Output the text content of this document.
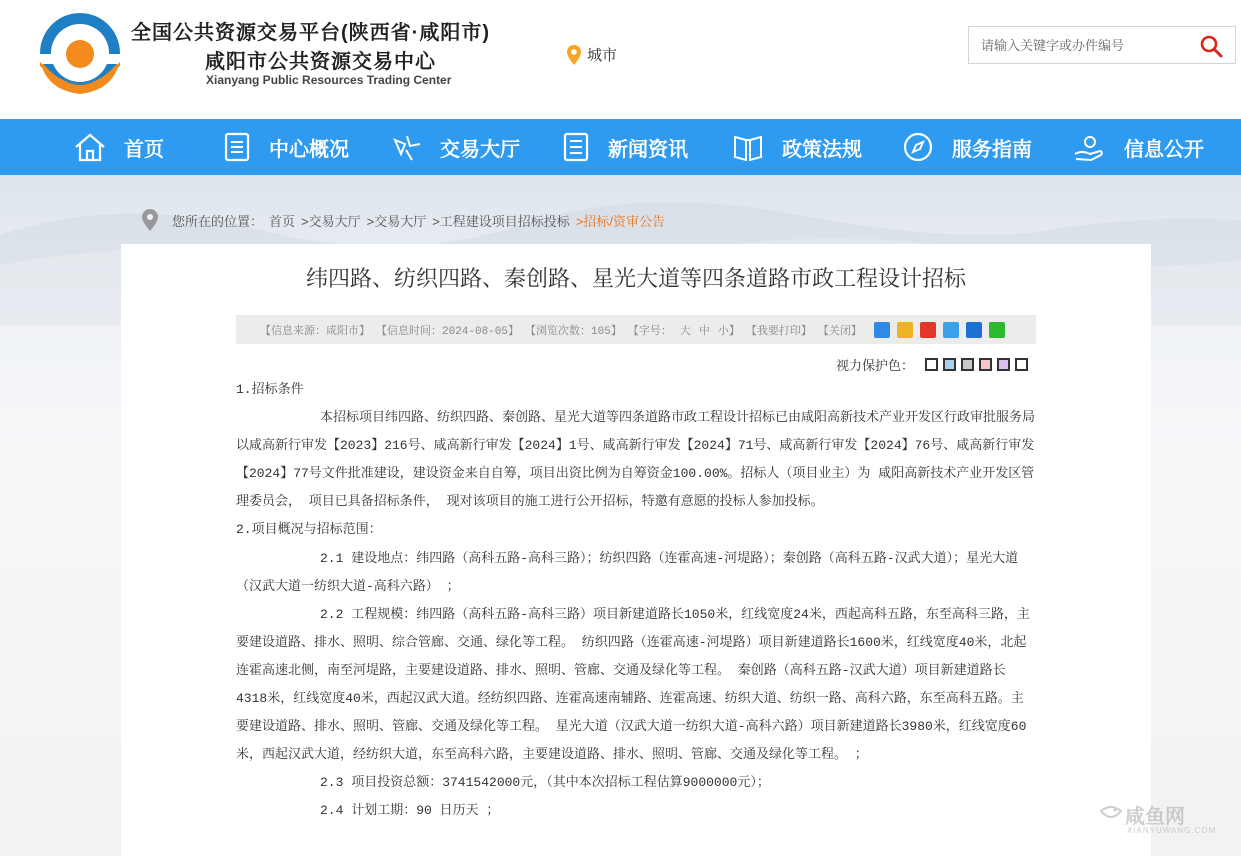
全国公共资源交易平台(陕西省·咸阳市)
咸阳市公共资源交易中心
Xianyang Public Resources Trading Center
城市
请输入关键字或办件编号
首页	中心概况	交易大厅	新闻资讯	政策法规	服务指南	信息公开
您所在的位置： 首页 >交易大厅 >交易大厅 >工程建设项目招标投标 >招标/资审公告
纬四路、纺织四路、秦创路、星光大道等四条道路市政工程设计招标
【信息来源：咸阳市】 【信息时间：2024-08-05】 【浏览次数：105】 【字号： 大 中 小】 【我要打印】 【关闭】
视力保护色：

1.招标条件

本招标项目纬四路、纺织四路、秦创路、星光大道等四条道路市政工程设计招标已由咸阳高新技术产业开发区行政审批服务局以咸高新行审发【2023】216号、咸高新行审发【2024】1号、咸高新行审发【2024】71号、咸高新行审发【2024】76号、咸高新行审发【2024】77号文件批准建设，建设资金来自自筹，项目出资比例为自筹资金100.00%。招标人（项目业主）为 咸阳高新技术产业开发区管理委员会， 项目已具备招标条件， 现对该项目的施工进行公开招标，特邀有意愿的投标人参加投标。

2.项目概况与招标范围：

2.1 建设地点：纬四路（高科五路-高科三路）；纺织四路（连霍高速-河堤路）；秦创路（高科五路-汉武大道）；星光大道（汉武大道一纺织大道-高科六路） ；

2.2 工程规模：纬四路（高科五路-高科三路）项目新建道路长1050米，红线宽度24米，西起高科五路，东至高科三路，主要建设道路、排水、照明、综合管廊、交通、绿化等工程。 纺织四路（连霍高速-河堤路）项目新建道路长1600米，红线宽度40米，北起连霍高速北侧，南至河堤路，主要建设道路、排水、照明、管廊、交通及绿化等工程。 秦创路（高科五路-汉武大道）项目新建道路长4318米，红线宽度40米，西起汉武大道。经纺织四路、连霍高速南辅路、连霍高速、纺织大道、纺织一路、高科六路，东至高科五路。主要建设道路、排水、照明、管廊、交通及绿化等工程。 星光大道（汉武大道一纺织大道-高科六路）项目新建道路长3980米，红线宽度60米，西起汉武大道，经纺织大道，东至高科六路，主要建设道路、排水、照明、管廊、交通及绿化等工程。 ；

2.3 项目投资总额：3741542000元，（其中本次招标工程估算9000000元）；

2.4 计划工期：90 日历天 ；	咸鱼网
XIANYUWANG.COM
